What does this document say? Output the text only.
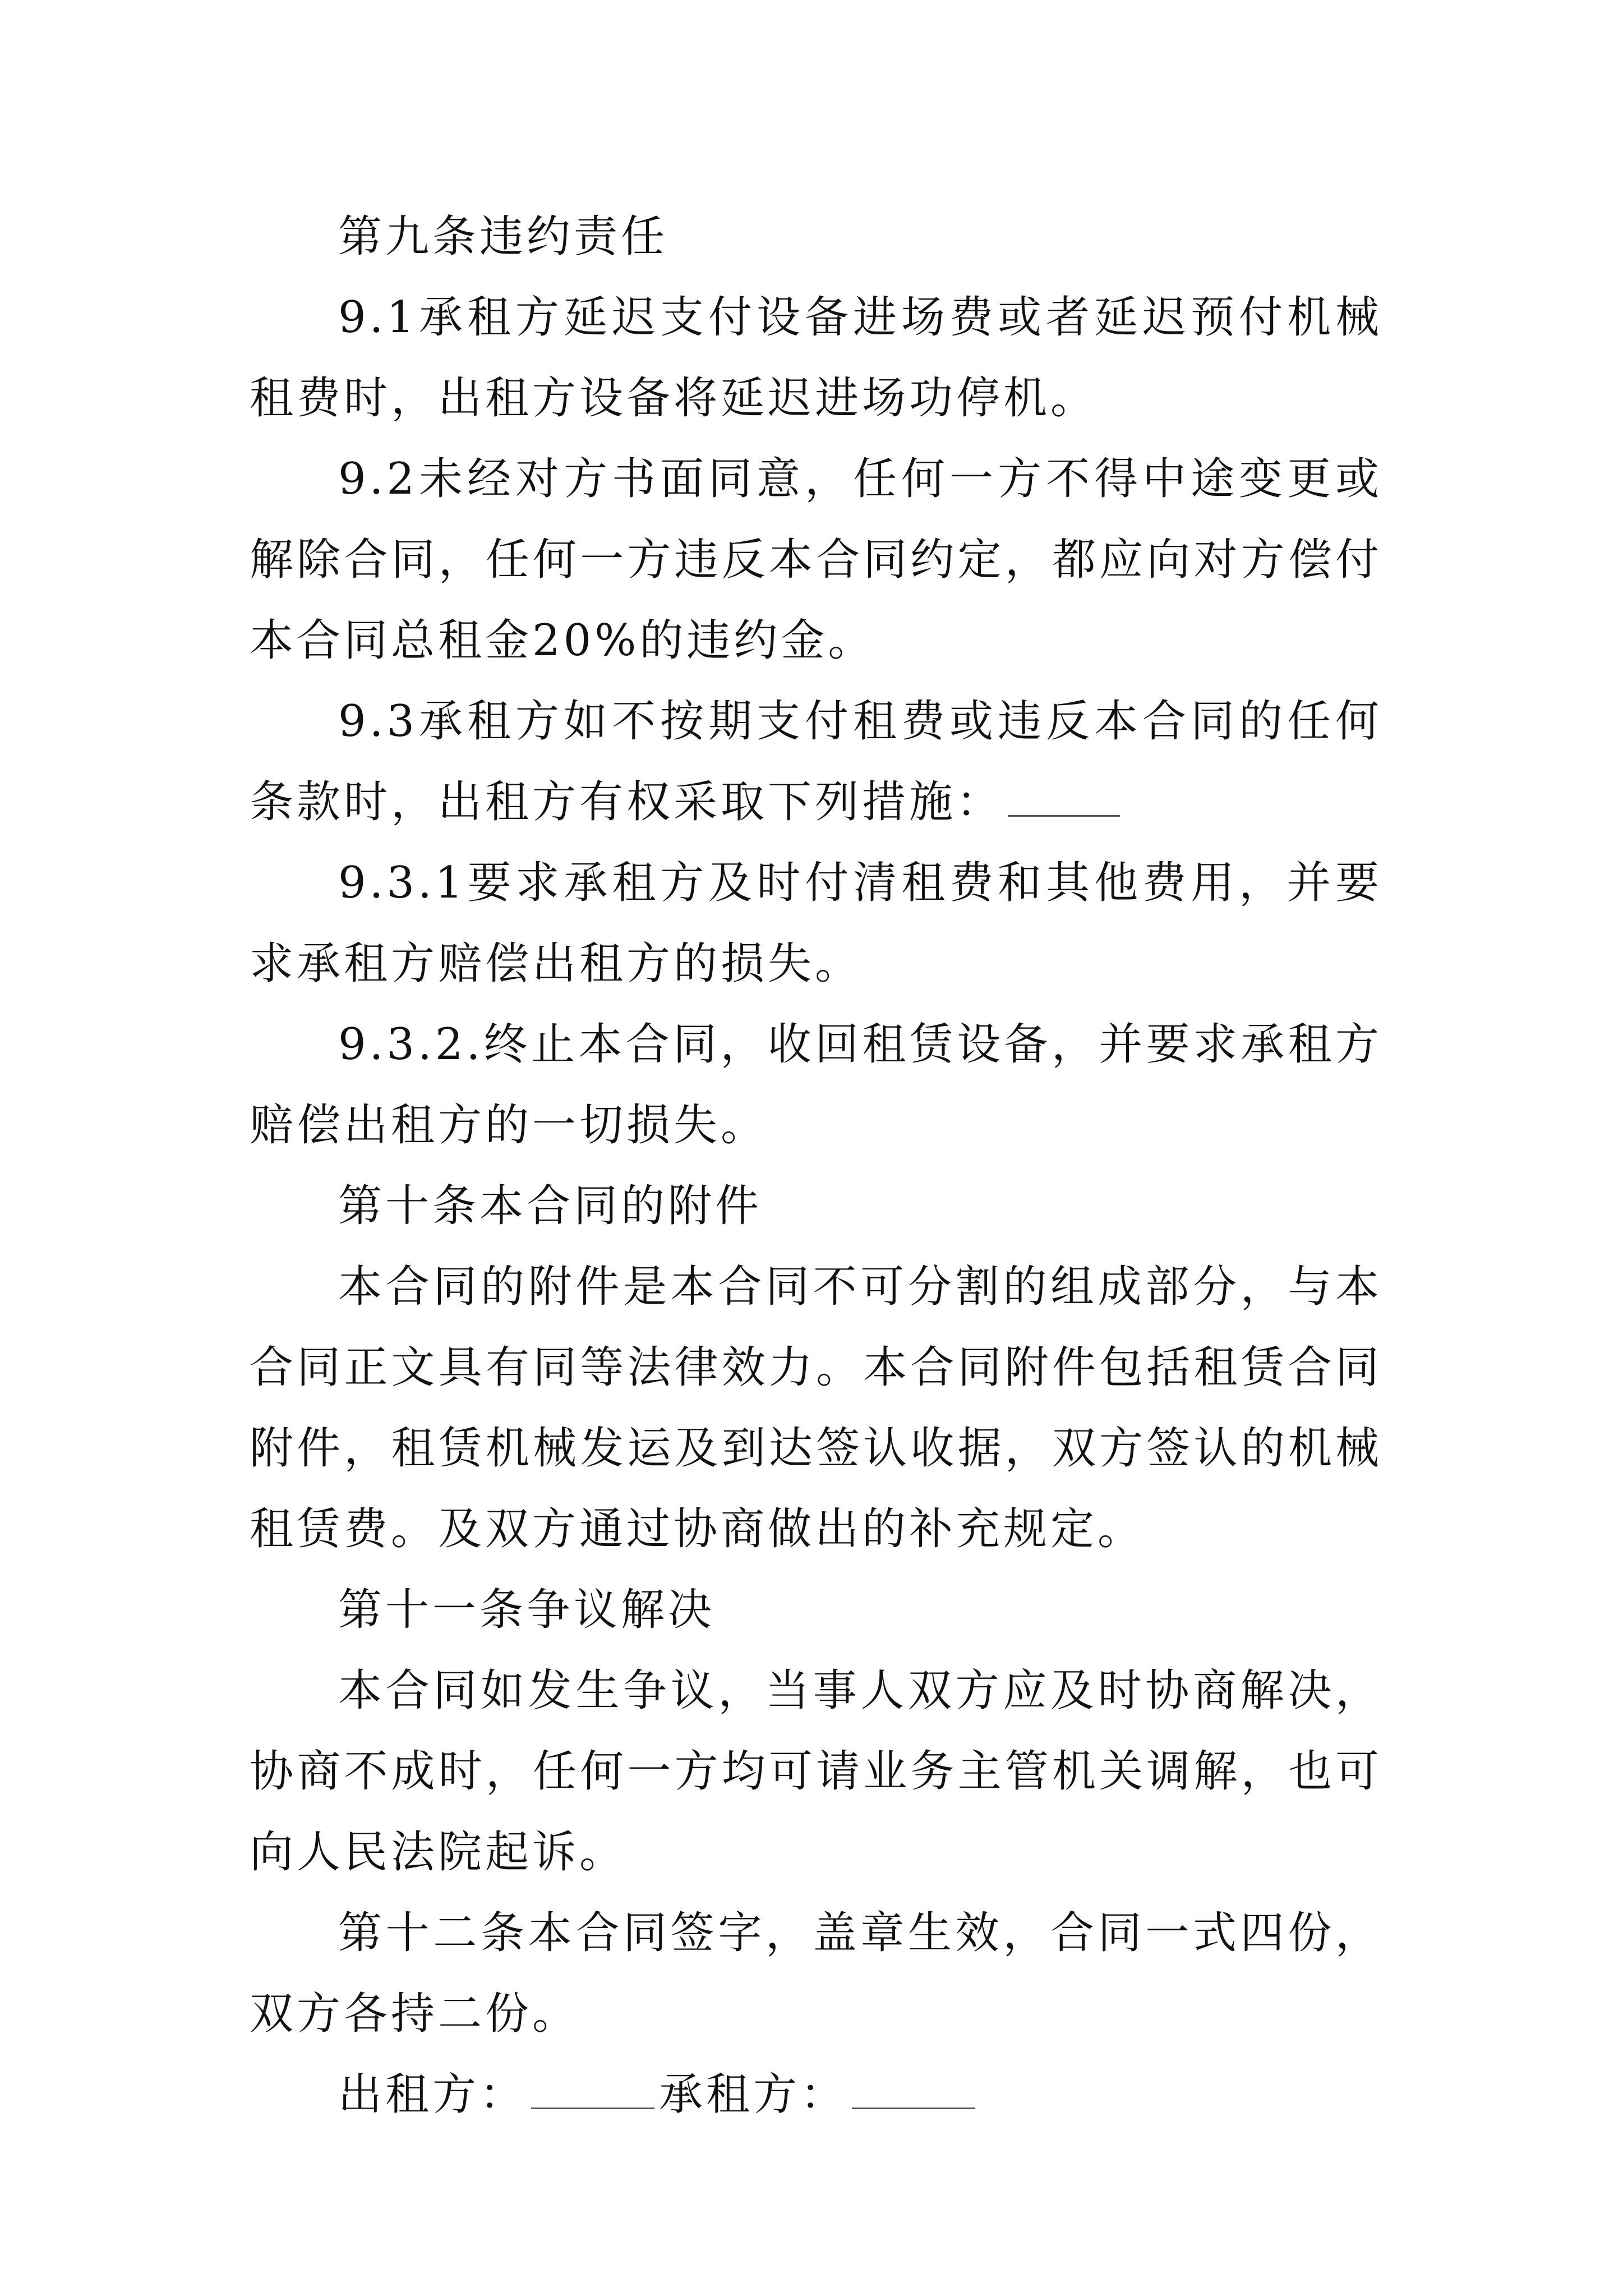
第九条违约责任

9.1承租方延迟支付设备进场费或者延迟预付机械租费时，出租方设备将延迟进场功停机。

9.2未经对方书面同意，任何一方不得中途变更或解除合同，任何一方违反本合同约定，都应向对方偿付本合同总租金20%的违约金。

9.3承租方如不按期支付租费或违反本合同的任何条款时，出租方有权采取下列措施：

9.3.1要求承租方及时付清租费和其他费用，并要求承租方赔偿出租方的损失。

9.3.2.终止本合同，收回租赁设备，并要求承租方赔偿出租方的一切损失。

第十条本合同的附件

本合同的附件是本合同不可分割的组成部分，与本合同正文具有同等法律效力。本合同附件包括租赁合同附件，租赁机械发运及到达签认收据，双方签认的机械租赁费。及双方通过协商做出的补充规定。

第十一条争议解决

本合同如发生争议，当事人双方应及时协商解决，协商不成时，任何一方均可请业务主管机关调解，也可向人民法院起诉。

第十二条本合同签字，盖章生效，合同一式四份，双方各持二份。

出租方：	承租方：
